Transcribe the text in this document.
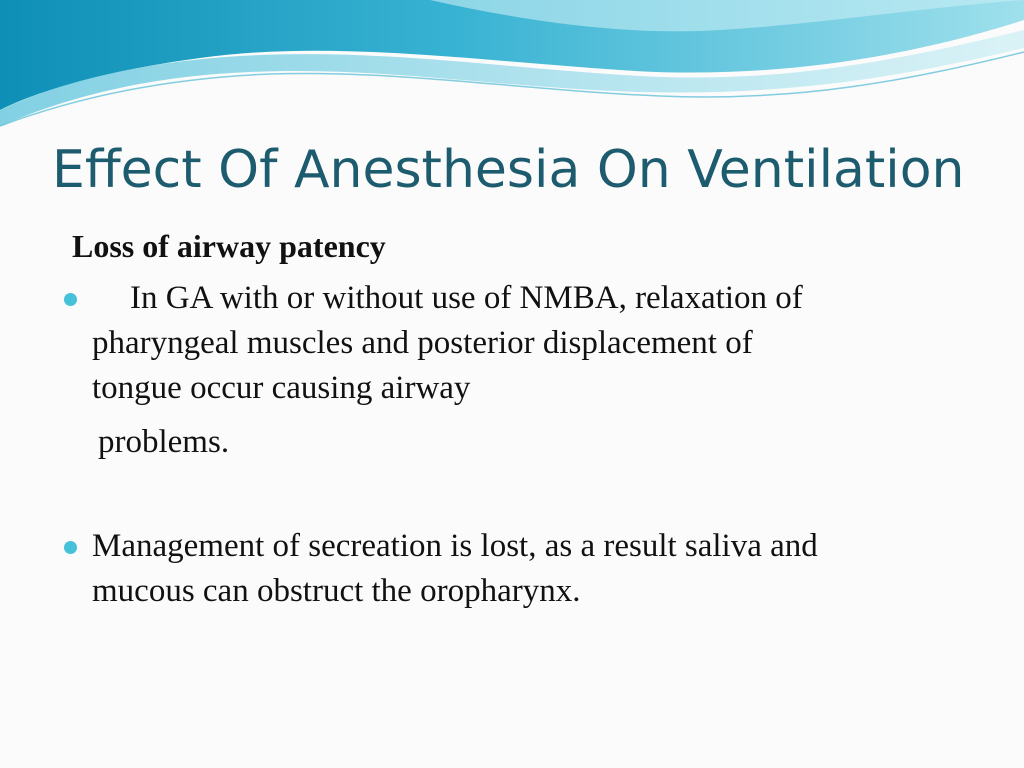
Effect Of Anesthesia On Ventilation
Loss of airway patency
In GA with or without use of NMBA, relaxation of
pharyngeal muscles and posterior displacement of
tongue occur causing airway
problems.
Management of secreation is lost, as a result saliva and
mucous can obstruct the oropharynx.
